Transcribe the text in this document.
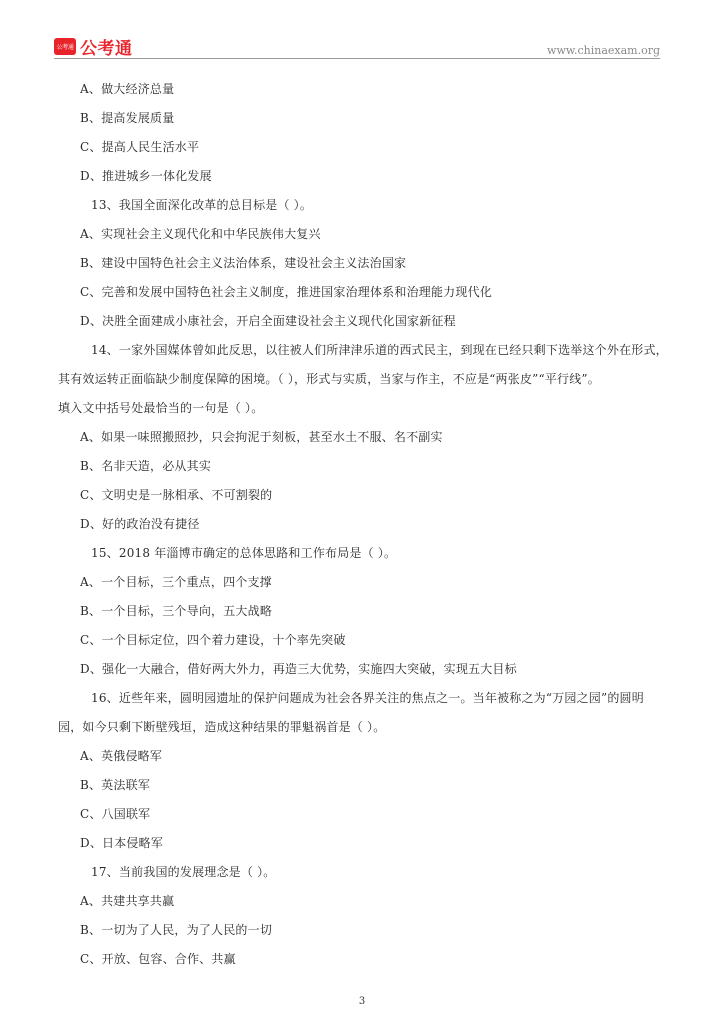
公考通 公考通	www.chinaexam.org
A、做大经济总量
B、提高发展质量
C、提高人民生活水平
D、推进城乡一体化发展
13、我国全面深化改革的总目标是（ ）。
A、实现社会主义现代化和中华民族伟大复兴
B、建设中国特色社会主义法治体系，建设社会主义法治国家
C、完善和发展中国特色社会主义制度，推进国家治理体系和治理能力现代化
D、决胜全面建成小康社会，开启全面建设社会主义现代化国家新征程
14、一家外国媒体曾如此反思，以往被人们所津津乐道的西式民主，到现在已经只剩下选举这个外在形式，
其有效运转正面临缺少制度保障的困境。（ ），形式与实质，当家与作主，不应是“两张皮”“平行线”。
填入文中括号处最恰当的一句是（ ）。
A、如果一味照搬照抄，只会拘泥于刻板，甚至水土不服、名不副实
B、名非天造，必从其实
C、文明史是一脉相承、不可割裂的
D、好的政治没有捷径
15、2018 年淄博市确定的总体思路和工作布局是（ ）。
A、一个目标，三个重点，四个支撑
B、一个目标，三个导向，五大战略
C、一个目标定位，四个着力建设，十个率先突破
D、强化一大融合，借好两大外力，再造三大优势，实施四大突破，实现五大目标
16、近些年来，圆明园遗址的保护问题成为社会各界关注的焦点之一。当年被称之为“万园之园”的圆明
园，如今只剩下断壁残垣，造成这种结果的罪魁祸首是（ ）。
A、英俄侵略军
B、英法联军
C、八国联军
D、日本侵略军
17、当前我国的发展理念是（ ）。
A、共建共享共赢
B、一切为了人民，为了人民的一切
C、开放、包容、合作、共赢
3
